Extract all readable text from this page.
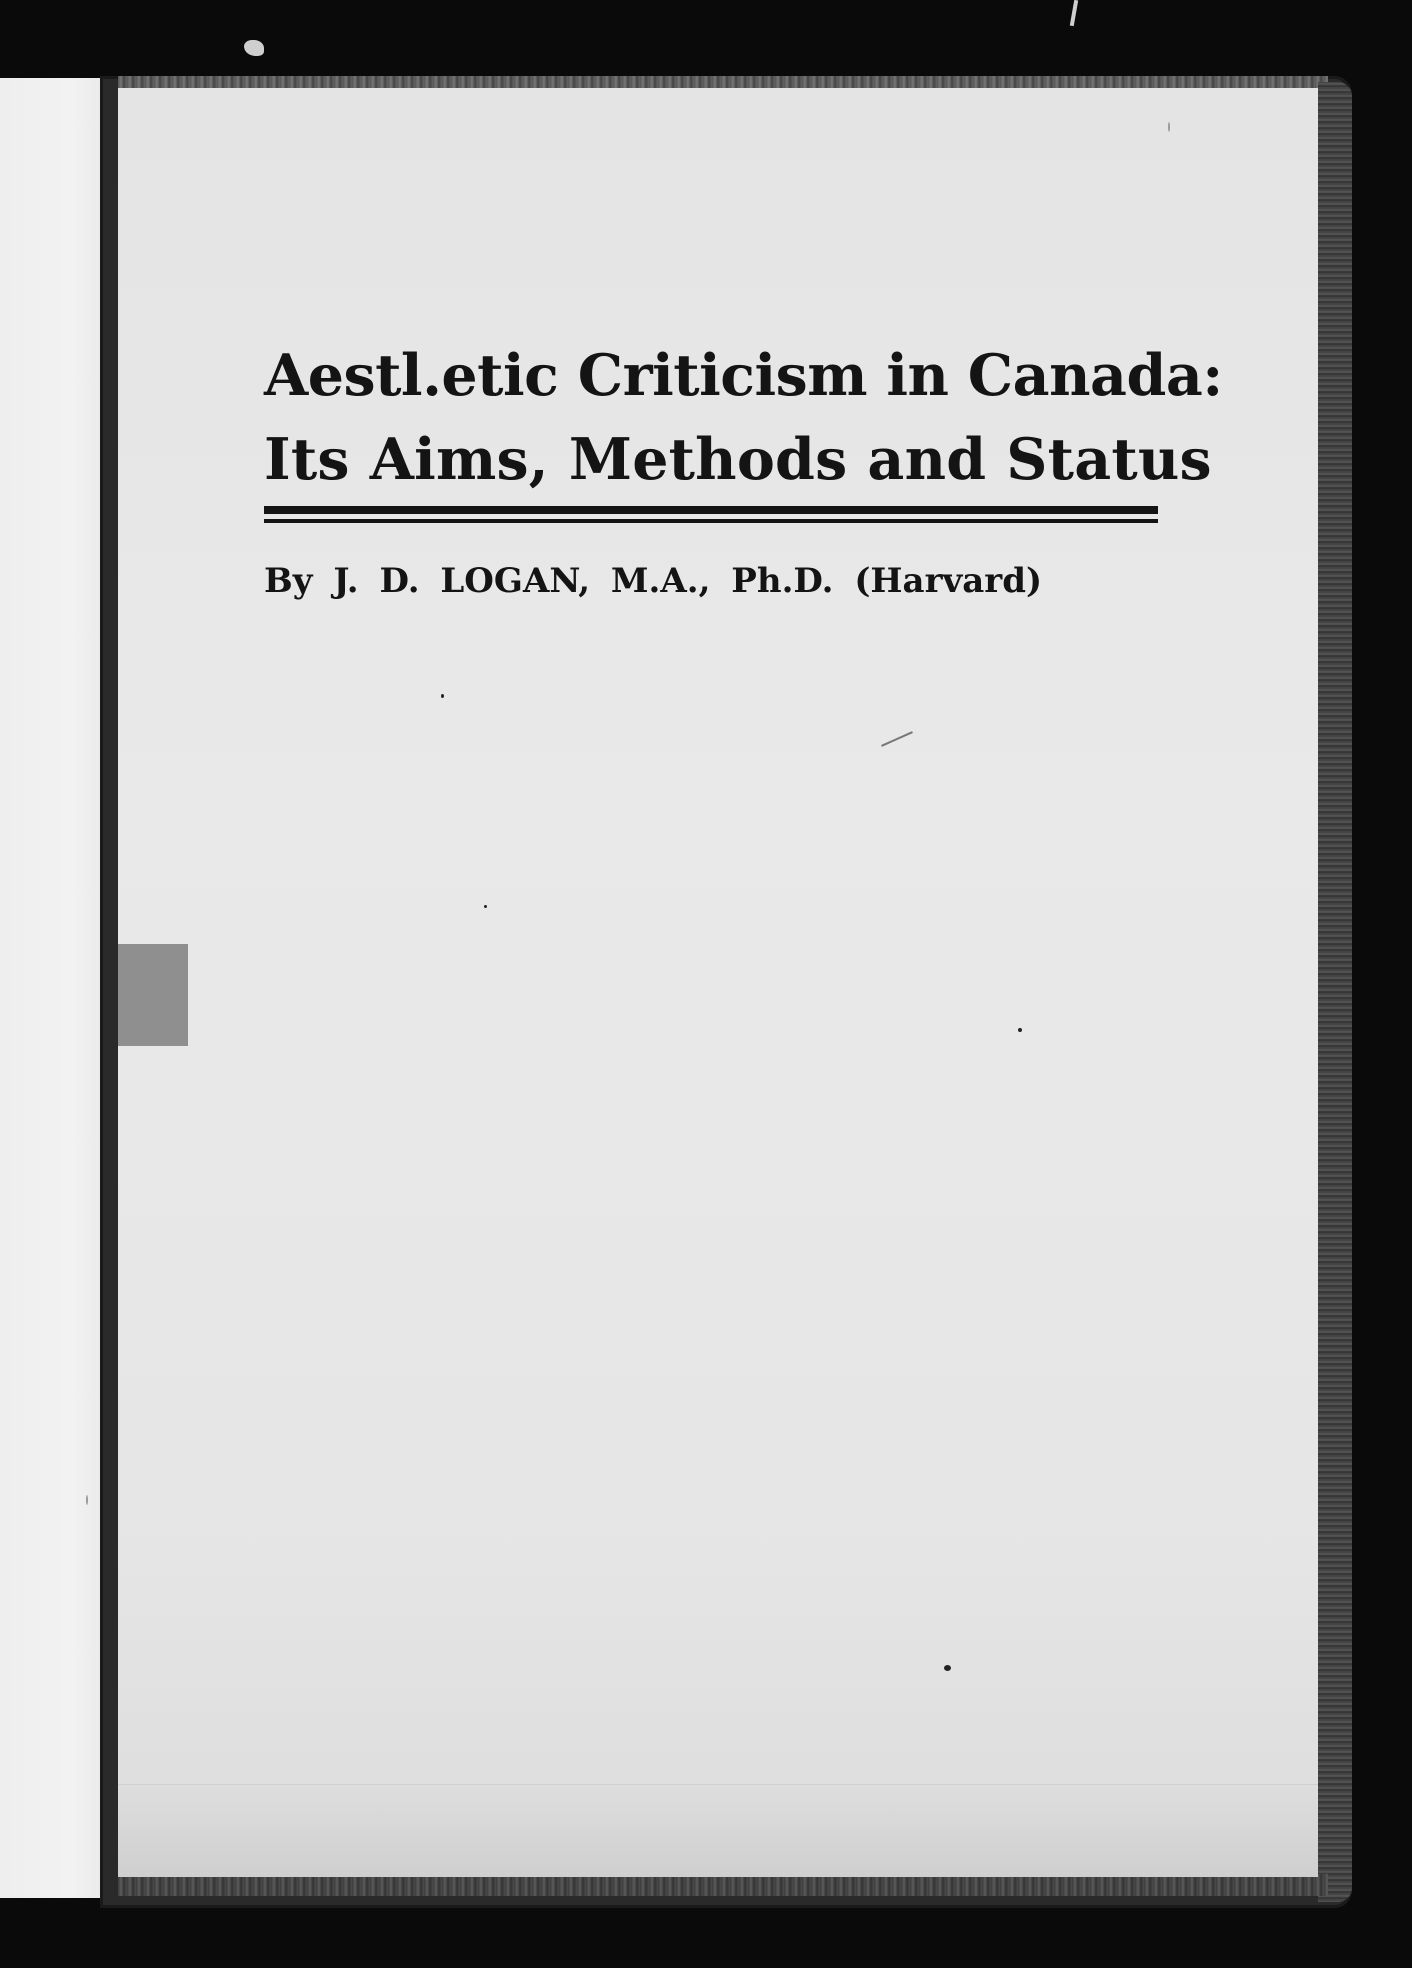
Aestl.etic Criticism in Canada:

Its Aims, Methods and Status

By J. D. LOGAN, M.A., Ph.D. (Harvard)
